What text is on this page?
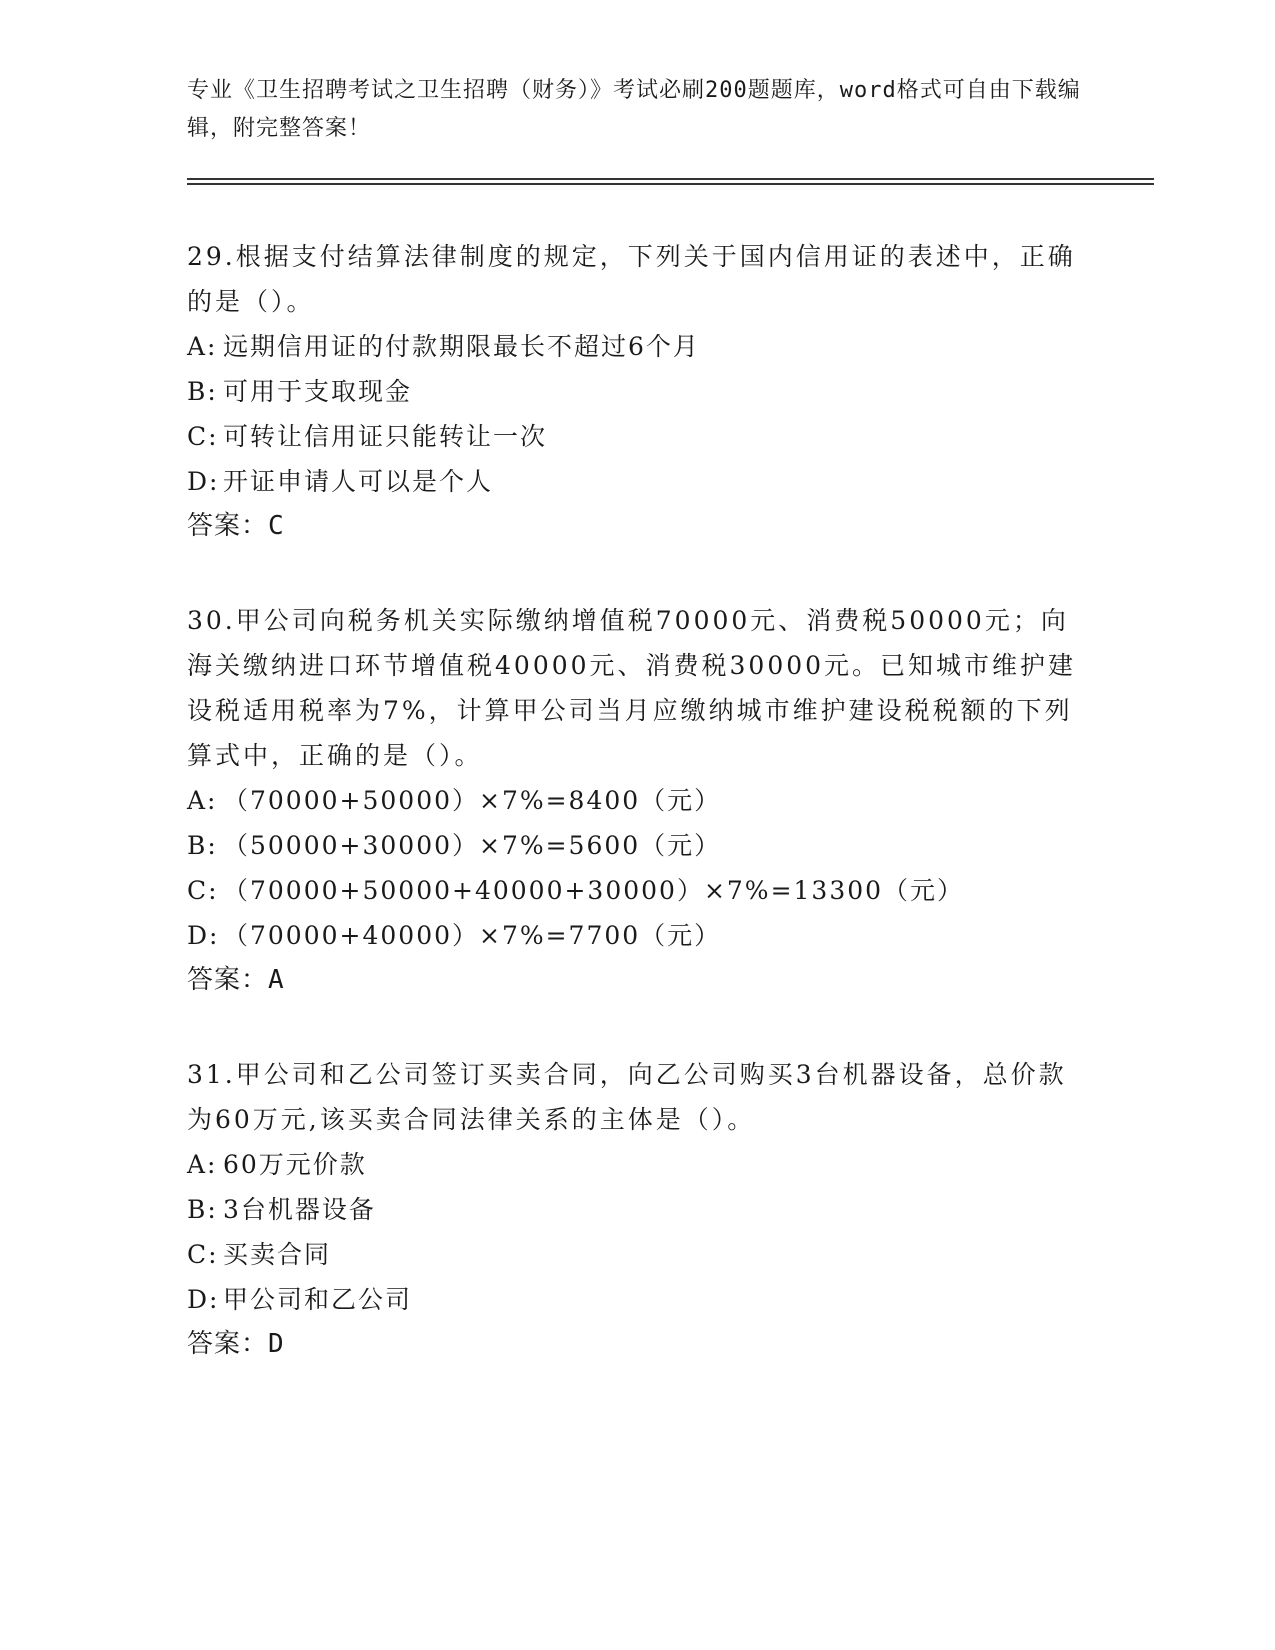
专业《卫生招聘考试之卫生招聘（财务）》考试必刷200题题库，word格式可自由下载编辑，附完整答案！

29.根据支付结算法律制度的规定，下列关于国内信用证的表述中，正确的是（）。

A: 远期信用证的付款期限最长不超过6个月

B: 可用于支取现金

C: 可转让信用证只能转让一次

D: 开证申请人可以是个人

答案：C

30.甲公司向税务机关实际缴纳增值税70000元、消费税50000元；向海关缴纳进口环节增值税40000元、消费税30000元。已知城市维护建设税适用税率为7%，计算甲公司当月应缴纳城市维护建设税税额的下列算式中，正确的是（）。

A: （70000+50000）×7%=8400（元）

B: （50000+30000）×7%=5600（元）

C: （70000+50000+40000+30000）×7%=13300（元）

D: （70000+40000）×7%=7700（元）

答案：A

31.甲公司和乙公司签订买卖合同，向乙公司购买3台机器设备，总价款为60万元,该买卖合同法律关系的主体是（）。

A: 60万元价款

B: 3台机器设备

C: 买卖合同

D: 甲公司和乙公司

答案：D
